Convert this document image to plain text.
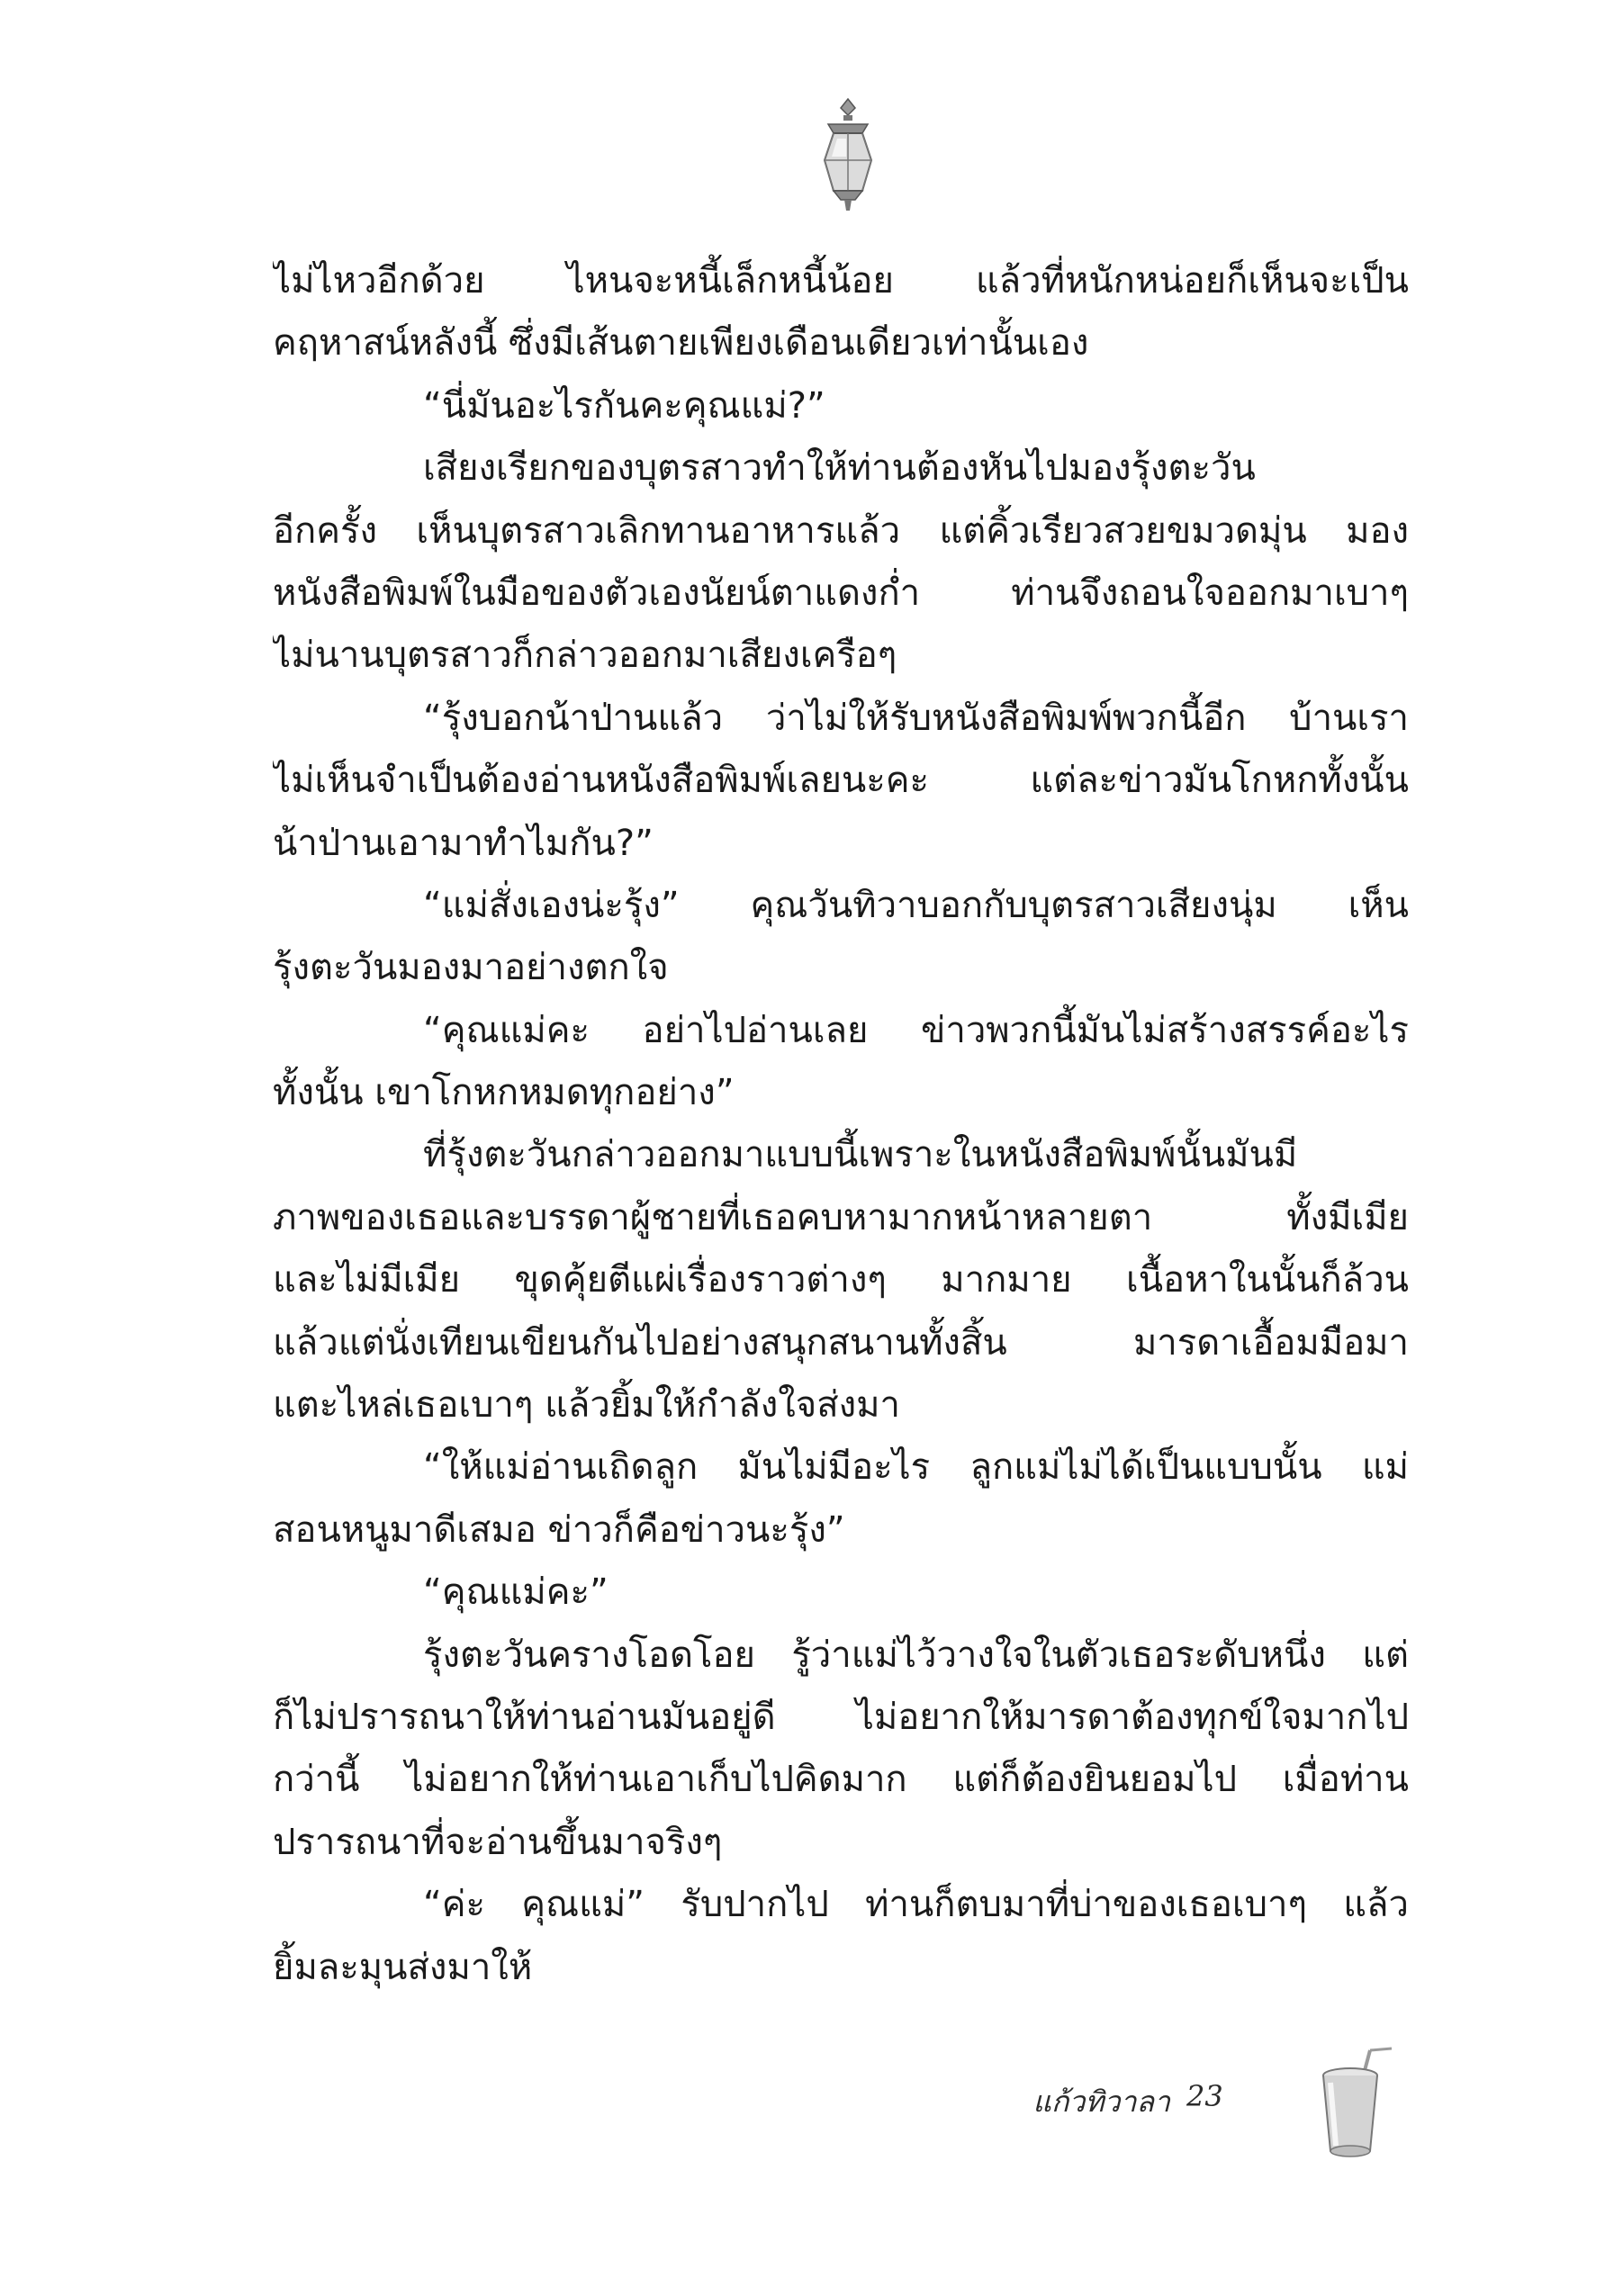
ไม่ไหวอีกด้วย ไหนจะหนี้เล็กหนี้น้อย แล้วที่หนักหน่อยก็เห็นจะเป็น
คฤหาสน์หลังนี้ ซึ่งมีเส้นตายเพียงเดือนเดียวเท่านั้นเอง
“นี่มันอะไรกันคะคุณแม่?”
เสียงเรียกของบุตรสาวทำให้ท่านต้องหันไปมองรุ้งตะวัน
อีกครั้ง เห็นบุตรสาวเลิกทานอาหารแล้ว แต่คิ้วเรียวสวยขมวดมุ่น มอง
หนังสือพิมพ์ในมือของตัวเองนัยน์ตาแดงก่ำ ท่านจึงถอนใจออกมาเบาๆ
ไม่นานบุตรสาวก็กล่าวออกมาเสียงเครือๆ
“รุ้งบอกน้าป่านแล้ว ว่าไม่ให้รับหนังสือพิมพ์พวกนี้อีก บ้านเรา
ไม่เห็นจำเป็นต้องอ่านหนังสือพิมพ์เลยนะคะ แต่ละข่าวมันโกหกทั้งนั้น
น้าป่านเอามาทำไมกัน?”
“แม่สั่งเองน่ะรุ้ง” คุณวันทิวาบอกกับบุตรสาวเสียงนุ่ม เห็น
รุ้งตะวันมองมาอย่างตกใจ
“คุณแม่คะ อย่าไปอ่านเลย ข่าวพวกนี้มันไม่สร้างสรรค์อะไร
ทั้งนั้น เขาโกหกหมดทุกอย่าง”
ที่รุ้งตะวันกล่าวออกมาแบบนี้เพราะในหนังสือพิมพ์นั้นมันมี
ภาพของเธอและบรรดาผู้ชายที่เธอคบหามากหน้าหลายตา ทั้งมีเมีย
และไม่มีเมีย ขุดคุ้ยตีแผ่เรื่องราวต่างๆ มากมาย เนื้อหาในนั้นก็ล้วน
แล้วแต่นั่งเทียนเขียนกันไปอย่างสนุกสนานทั้งสิ้น มารดาเอื้อมมือมา
แตะไหล่เธอเบาๆ แล้วยิ้มให้กำลังใจส่งมา
“ให้แม่อ่านเถิดลูก มันไม่มีอะไร ลูกแม่ไม่ได้เป็นแบบนั้น แม่
สอนหนูมาดีเสมอ ข่าวก็คือข่าวนะรุ้ง”
“คุณแม่คะ”
รุ้งตะวันครางโอดโอย รู้ว่าแม่ไว้วางใจในตัวเธอระดับหนึ่ง แต่
ก็ไม่ปรารถนาให้ท่านอ่านมันอยู่ดี ไม่อยากให้มารดาต้องทุกข์ใจมากไป
กว่านี้ ไม่อยากให้ท่านเอาเก็บไปคิดมาก แต่ก็ต้องยินยอมไป เมื่อท่าน
ปรารถนาที่จะอ่านขึ้นมาจริงๆ
“ค่ะ คุณแม่” รับปากไป ท่านก็ตบมาที่บ่าของเธอเบาๆ แล้ว
ยิ้มละมุนส่งมาให้
แก้วทิวาลา 23
